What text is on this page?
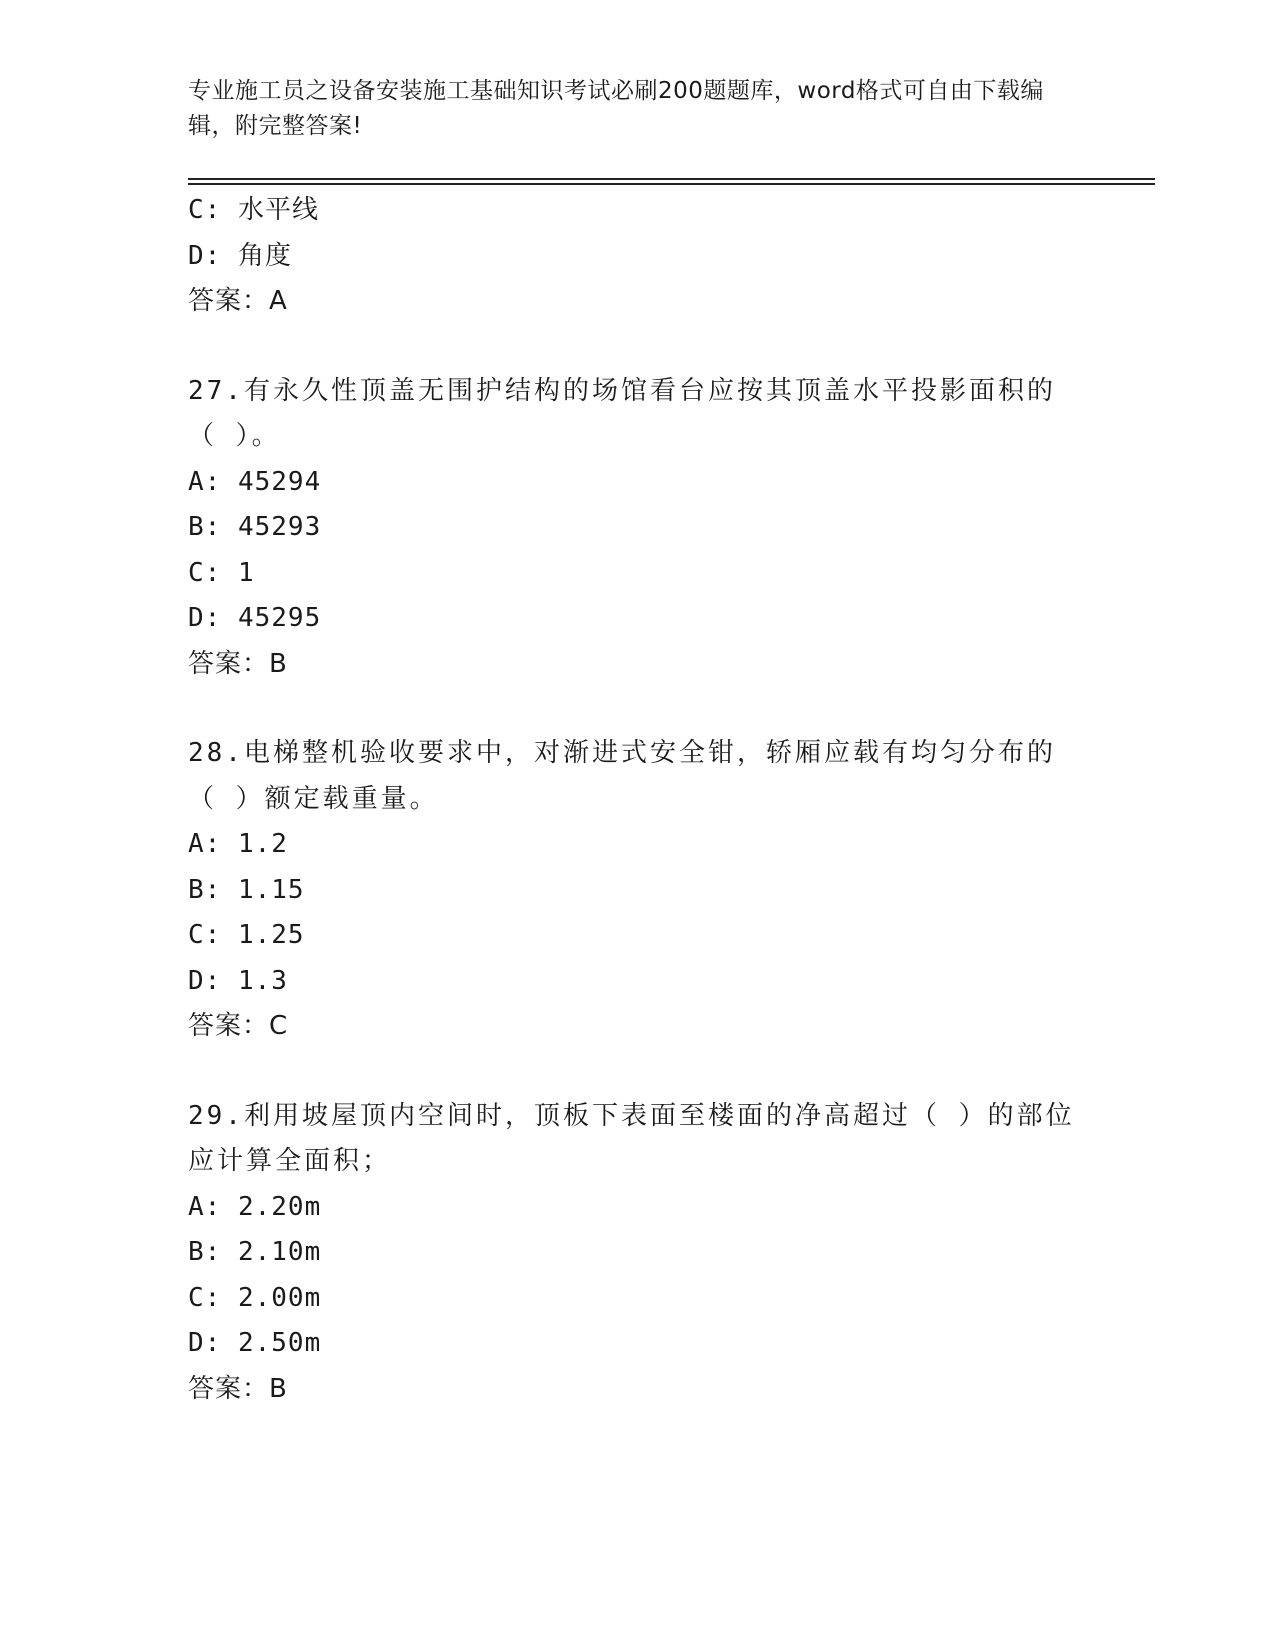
专业施工员之设备安装施工基础知识考试必刷200题题库，word格式可自由下载编辑，附完整答案!
C: 水平线
D: 角度
答案：A
27.有永久性顶盖无围护结构的场馆看台应按其顶盖水平投影面积的（ ）。
A: 45294
B: 45293
C: 1
D: 45295
答案：B
28.电梯整机验收要求中，对渐进式安全钳，轿厢应载有均匀分布的（ ）额定载重量。
A: 1.2
B: 1.15
C: 1.25
D: 1.3
答案：C
29.利用坡屋顶内空间时，顶板下表面至楼面的净高超过（ ）的部位应计算全面积；
A: 2.20m
B: 2.10m
C: 2.00m
D: 2.50m
答案：B
